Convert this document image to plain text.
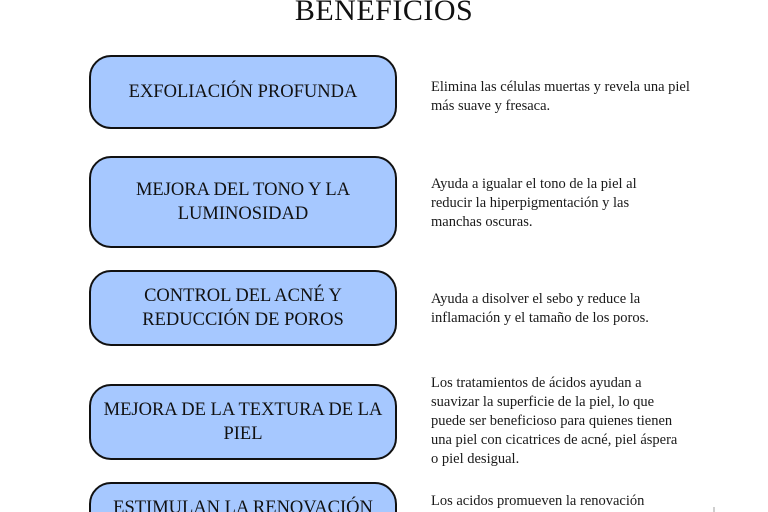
BENEFICIOS
EXFOLIACIÓN PROFUNDA	Elimina las células muertas y revela una piel más suave y fresaca.
MEJORA DEL TONO Y LA LUMINOSIDAD
Ayuda a igualar el tono de la piel al reducir la hiperpigmentación y las manchas oscuras.
CONTROL DEL ACNÉ Y REDUCCIÓN DE POROS
Ayuda a disolver el sebo y reduce la inflamación y el tamaño de los poros.
MEJORA DE LA TEXTURA DE LA PIEL
Los tratamientos de ácidos ayudan a suavizar la superficie de la piel, lo que puede ser beneficioso para quienes tienen una piel con cicatrices de acné, piel áspera o piel desigual.
ESTIMULAN LA RENOVACIÓN	Los acidos promueven la renovación
